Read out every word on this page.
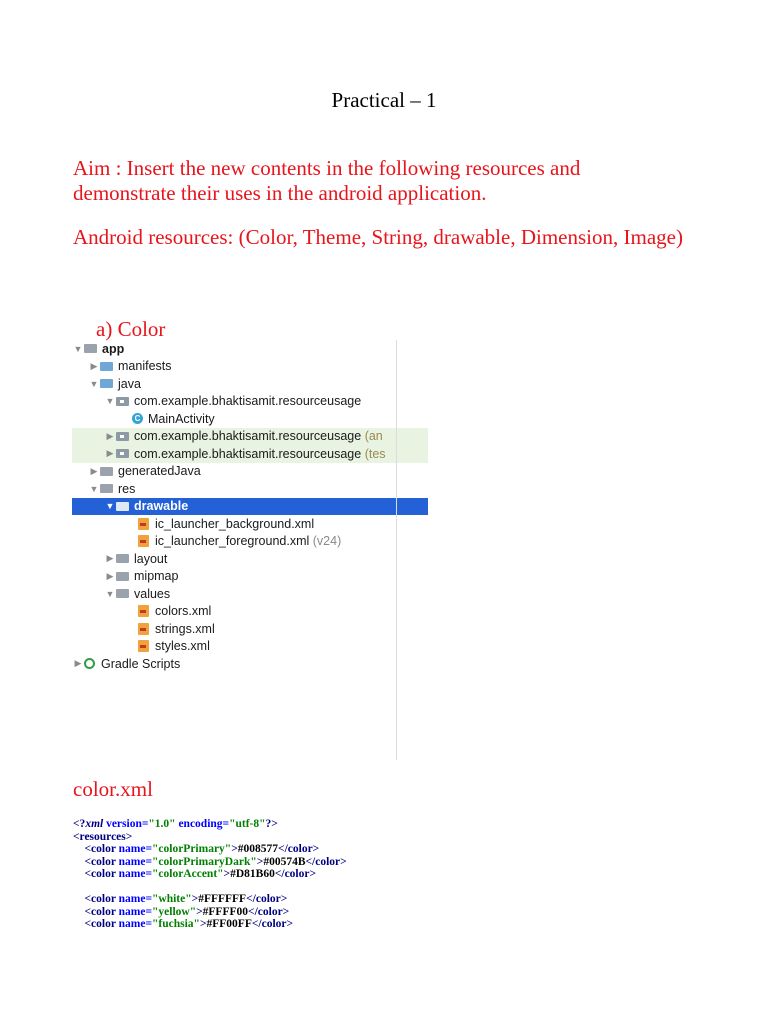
Practical – 1
Aim : Insert the new contents in the following resources and demonstrate their uses in the android application.
Android resources: (Color, Theme, String, drawable, Dimension, Image)
a) Color
▼ app
▶ manifests
▼ java
▼ com.example.bhaktisamit.resourceusage
C MainActivity
▶ com.example.bhaktisamit.resourceusage
(an
▶ com.example.bhaktisamit.resourceusage
(tes
▶ generatedJava
▼ res
▼ drawable
ic_launcher_background.xml
ic_launcher_foreground.xml
(v24)
▶ layout
▶ mipmap
▼ values
colors.xml
strings.xml
styles.xml
▶ Gradle Scripts
color.xml
<?xml version="1.0" encoding="utf-8"?>
<resources>
<color name="colorPrimary">#008577</color>
<color name="colorPrimaryDark">#00574B</color>
<color name="colorAccent">#D81B60</color>

<color name="white">#FFFFFF</color>
<color name="yellow">#FFFF00</color>
<color name="fuchsia">#FF00FF</color>
